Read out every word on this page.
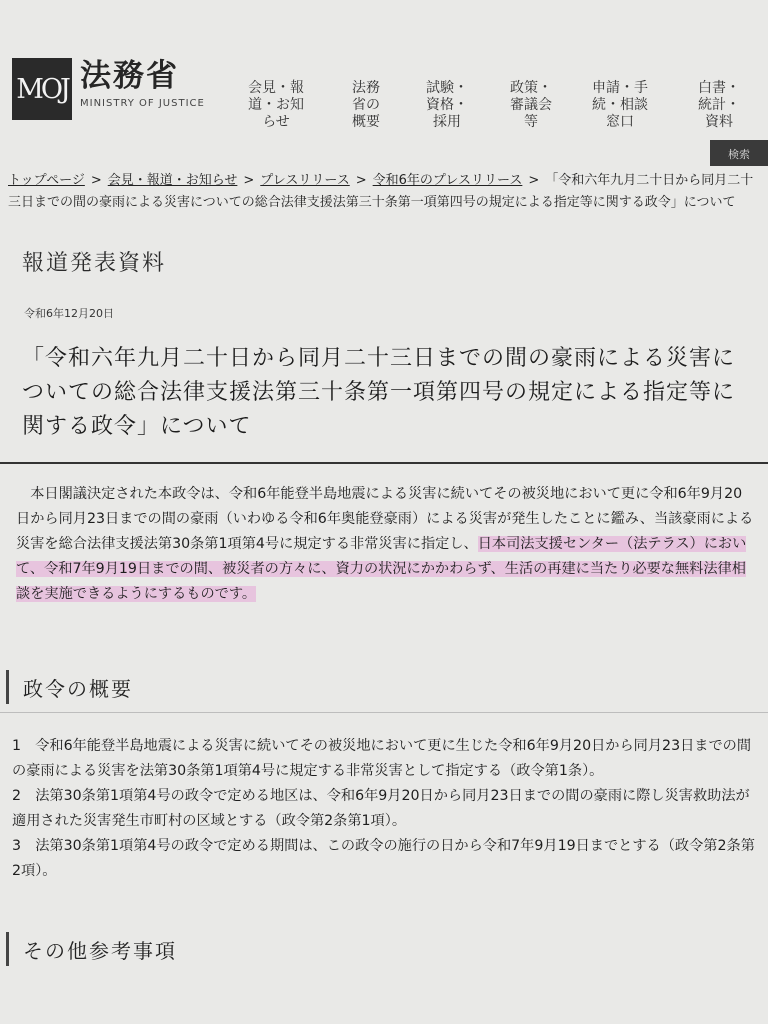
MOJ 法務省
MINISTRY OF JUSTICE
会見・報
道・お知
らせ
法務
省の
概要
試験・
資格・
採用
政策・
審議会
等
申請・手
続・相談
窓口
白書・
統計・
資料
検索
トップページ > 会見・報道・お知らせ > プレスリリース > 令和6年のプレスリリース > 「令和六年九月二十日から同月二十三日までの間の豪雨による災害についての総合法律支援法第三十条第一項第四号の規定による指定等に関する政令」について
報道発表資料
令和6年12月20日
「令和六年九月二十日から同月二十三日までの間の豪雨による災害についての総合法律支援法第三十条第一項第四号の規定による指定等に関する政令」について
　本日閣議決定された本政令は、令和6年能登半島地震による災害に続いてその被災地において更に令和6年9月20日から同月23日までの間の豪雨（いわゆる令和6年奥能登豪雨）による災害が発生したことに鑑み、当該豪雨による災害を総合法律支援法第30条第1項第4号に規定する非常災害に指定し、日本司法支援センター（法テラス）において、令和7年9月19日までの間、被災者の方々に、資力の状況にかかわらず、生活の再建に当たり必要な無料法律相談を実施できるようにするものです。
政令の概要
1　令和6年能登半島地震による災害に続いてその被災地において更に生じた令和6年9月20日から同月23日までの間の豪雨による災害を法第30条第1項第4号に規定する非常災害として指定する（政令第1条）。
2　法第30条第1項第4号の政令で定める地区は、令和6年9月20日から同月23日までの間の豪雨に際し災害救助法が適用された災害発生市町村の区域とする（政令第2条第1項）。
3　法第30条第1項第4号の政令で定める期間は、この政令の施行の日から令和7年9月19日までとする（政令第2条第2項）。
その他参考事項
